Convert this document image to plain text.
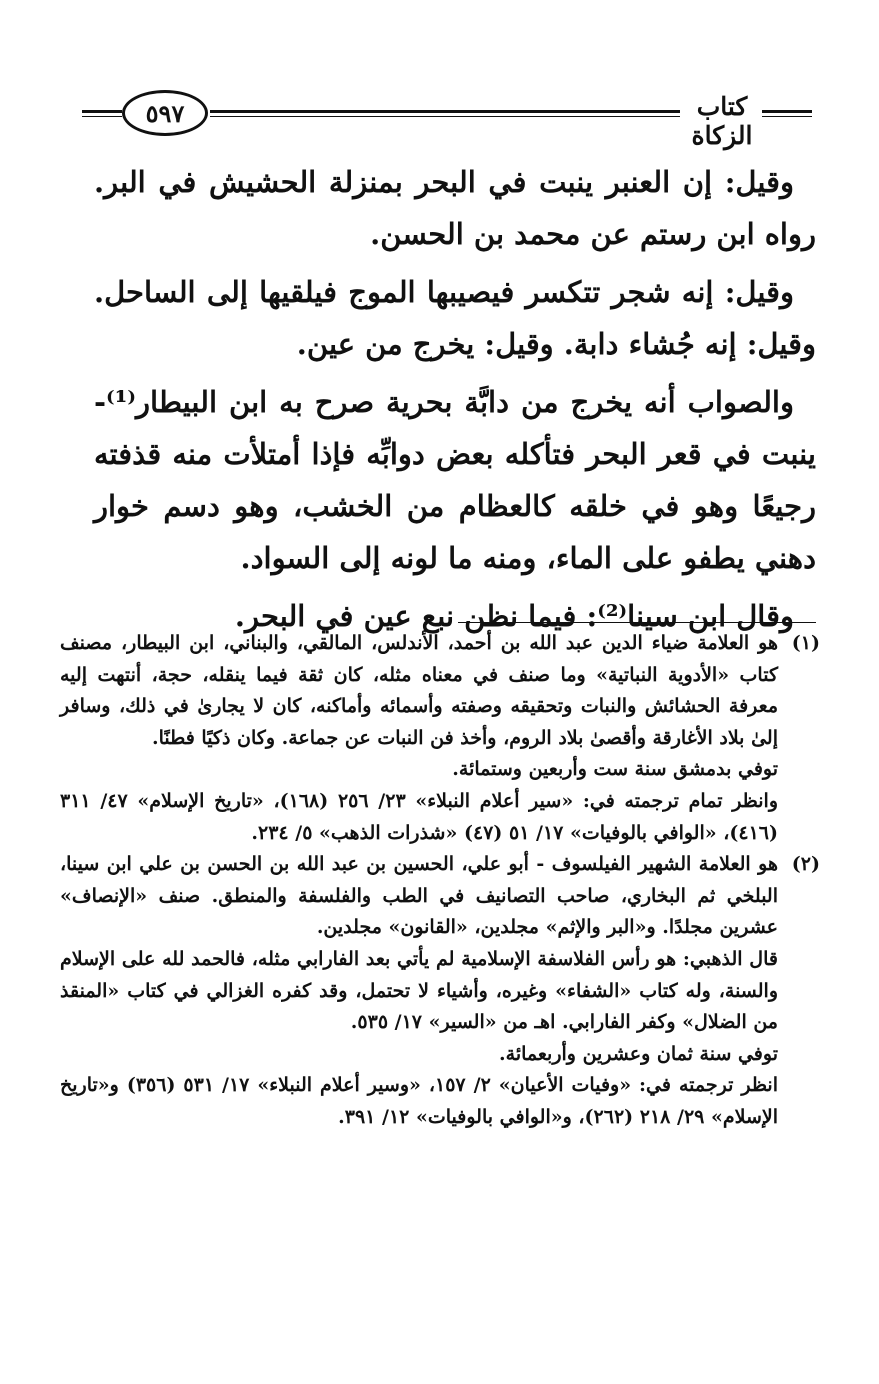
٥٩٧	كتاب الزكاة

وقيل: إن العنبر ينبت في البحر بمنزلة الحشيش في البر. رواه ابن رستم عن محمد بن الحسن.

وقيل: إنه شجر تتكسر فيصيبها الموج فيلقيها إلى الساحل. وقيل: إنه جُشاء دابة. وقيل: يخرج من عين.

والصواب أنه يخرج من دابَّة بحرية صرح به ابن البيطار⁽¹⁾- ينبت في قعر البحر فتأكله بعض دوابِّه فإذا أمتلأت منه قذفته رجيعًا وهو في خلقه كالعظام من الخشب، وهو دسم خوار دهني يطفو على الماء، ومنه ما لونه إلى السواد.

وقال ابن سينا⁽²⁾: فيما نظن نبع عين في البحر.

(١)
هو العلامة ضياء الدين عبد الله بن أحمد، الأندلس، المالقي، والبناني، ابن البيطار، مصنف كتاب «الأدوية النباتية» وما صنف في معناه مثله، كان ثقة فيما ينقله، حجة، أنتهت إليه معرفة الحشائش والنبات وتحقيقه وصفته وأسمائه وأماكنه، كان لا يجارىٰ في ذلك، وسافر إلىٰ بلاد الأغارقة وأقصىٰ بلاد الروم، وأخذ فن النبات عن جماعة. وكان ذكيًا فطنًا.
توفي بدمشق سنة ست وأربعين وستمائة.
وانظر تمام ترجمته في: «سير أعلام النبلاء» ٢٣/ ٢٥٦ (١٦٨)، «تاريخ الإسلام» ٤٧/ ٣١١ (٤١٦)، «الوافي بالوفيات» ١٧/ ٥١ (٤٧) «شذرات الذهب» ٥/ ٢٣٤.
(٢)
هو العلامة الشهير الفيلسوف - أبو علي، الحسين بن عبد الله بن الحسن بن علي ابن سينا، البلخي ثم البخاري، صاحب التصانيف في الطب والفلسفة والمنطق. صنف «الإنصاف» عشرين مجلدًا. و«البر والإثم» مجلدين، «القانون» مجلدين.
قال الذهبي: هو رأس الفلاسفة الإسلامية لم يأتي بعد الفارابي مثله، فالحمد لله على الإسلام والسنة، وله كتاب «الشفاء» وغيره، وأشياء لا تحتمل، وقد كفره الغزالي في كتاب «المنقذ من الضلال» وكفر الفارابي. اهـ من «السير» ١٧/ ٥٣٥.
توفي سنة ثمان وعشرين وأربعمائة.
انظر ترجمته في: «وفيات الأعيان» ٢/ ١٥٧، «وسير أعلام النبلاء» ١٧/ ٥٣١ (٣٥٦) و«تاريخ الإسلام» ٢٩/ ٢١٨ (٢٦٢)، و«الوافي بالوفيات» ١٢/ ٣٩١.
